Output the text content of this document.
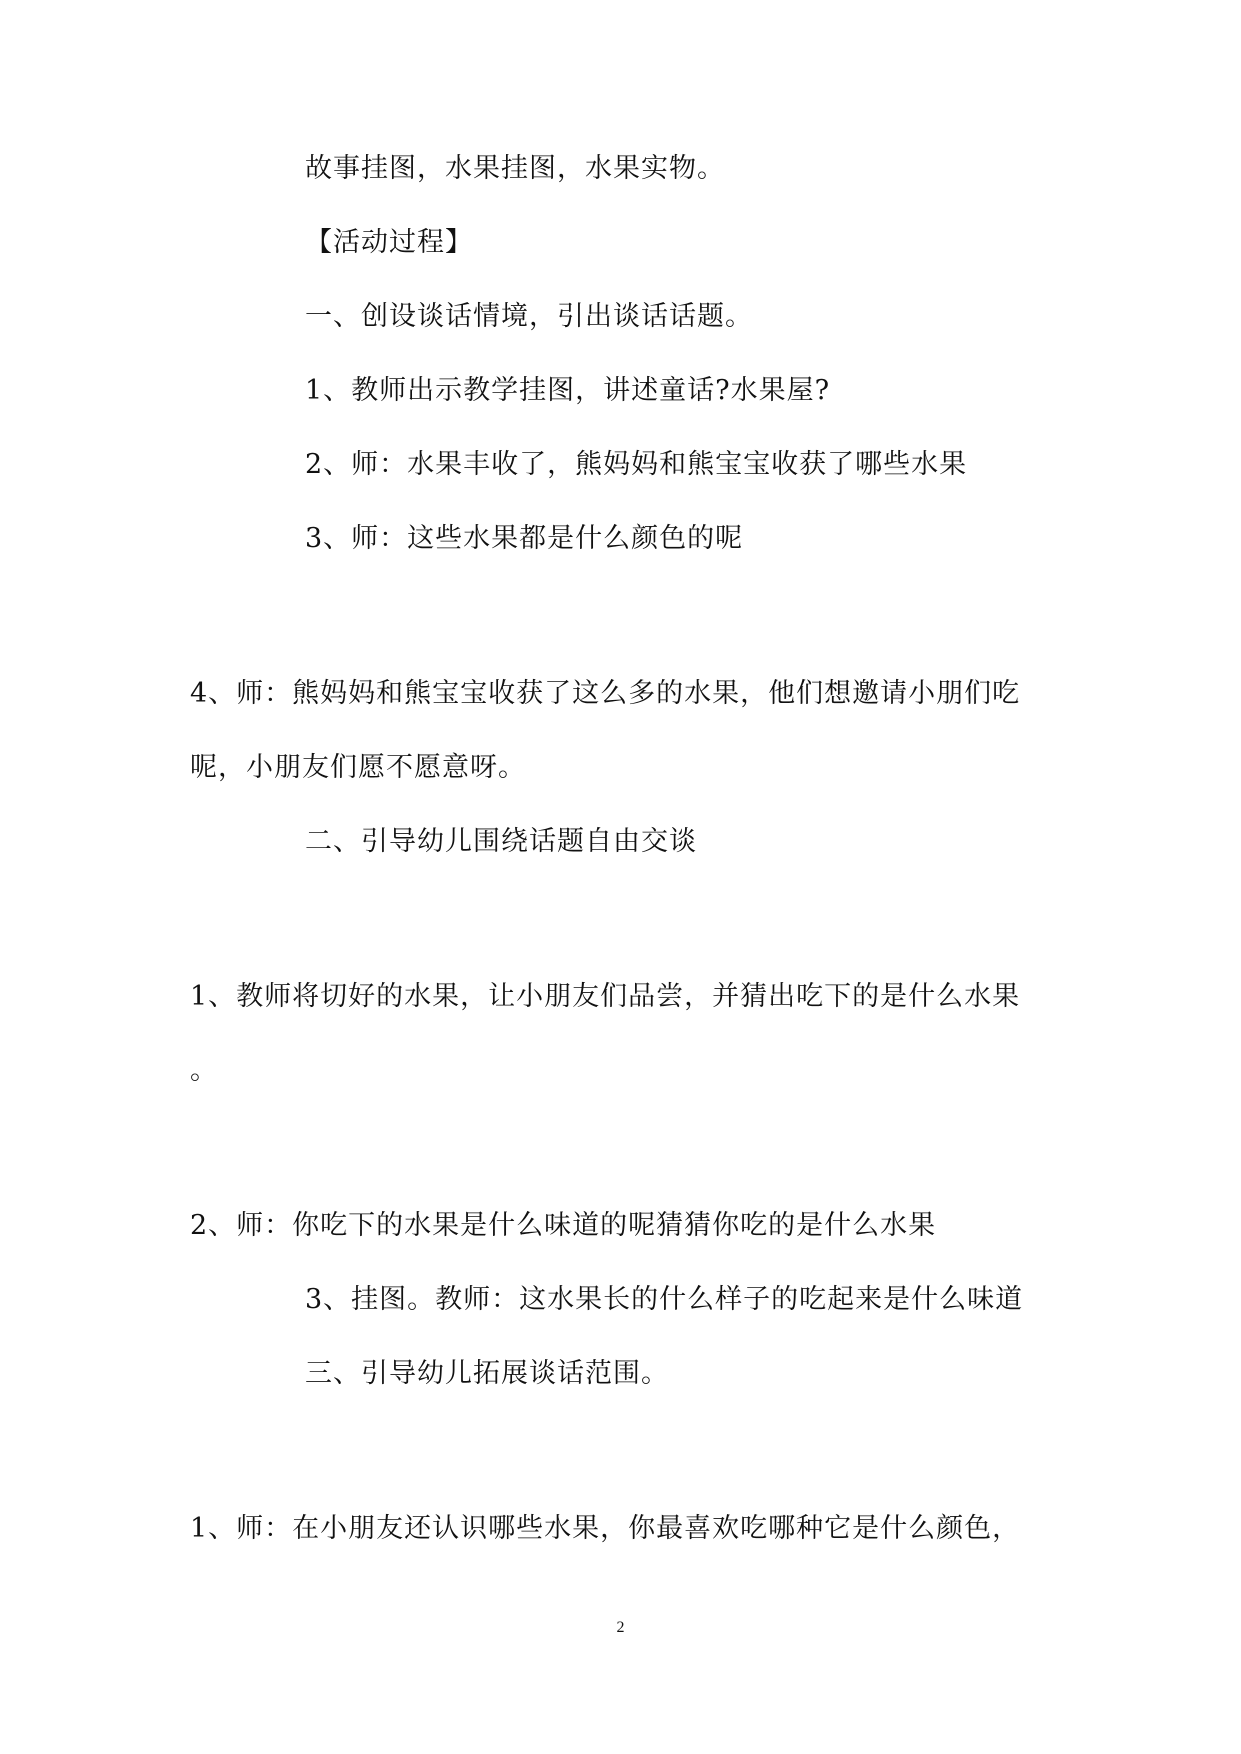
故事挂图，水果挂图，水果实物。
【活动过程】
一、创设谈话情境，引出谈话话题。
1、教师出示教学挂图，讲述童话?水果屋?
2、师：水果丰收了，熊妈妈和熊宝宝收获了哪些水果
3、师：这些水果都是什么颜色的呢
4、师：熊妈妈和熊宝宝收获了这么多的水果，他们想邀请小朋们吃
呢，小朋友们愿不愿意呀。
二、引导幼儿围绕话题自由交谈
1、教师将切好的水果，让小朋友们品尝，并猜出吃下的是什么水果
。
2、师：你吃下的水果是什么味道的呢猜猜你吃的是什么水果
3、挂图。教师：这水果长的什么样子的吃起来是什么味道
三、引导幼儿拓展谈话范围。
1、师：在小朋友还认识哪些水果，你最喜欢吃哪种它是什么颜色，
2
